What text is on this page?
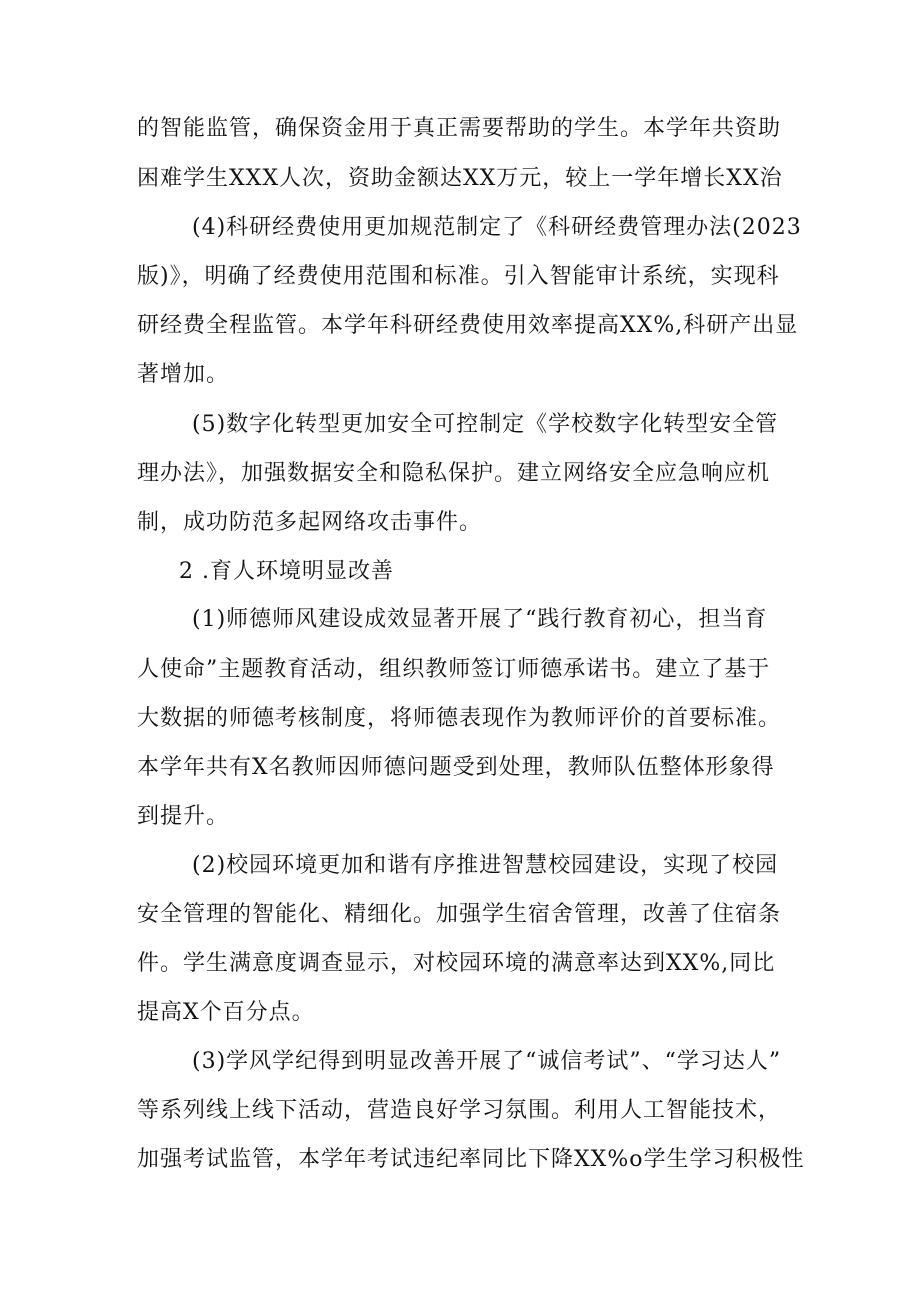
的智能监管，确保资金用于真正需要帮助的学生。本学年共资助
困难学生XXX人次，资助金额达XX万元，较上一学年增长XX治
(4)科研经费使用更加规范制定了《科研经费管理办法(2023
版)》，明确了经费使用范围和标准。引入智能审计系统，实现科
研经费全程监管。本学年科研经费使用效率提高XX%,科研产出显
著增加。
(5)数字化转型更加安全可控制定《学校数字化转型安全管
理办法》，加强数据安全和隐私保护。建立网络安全应急响应机
制，成功防范多起网络攻击事件。
2 .育人环境明显改善
(1)师德师风建设成效显著开展了“践行教育初心，担当育
人使命”主题教育活动，组织教师签订师德承诺书。建立了基于
大数据的师德考核制度，将师德表现作为教师评价的首要标准。
本学年共有X名教师因师德问题受到处理，教师队伍整体形象得
到提升。
(2)校园环境更加和谐有序推进智慧校园建设，实现了校园
安全管理的智能化、精细化。加强学生宿舍管理，改善了住宿条
件。学生满意度调查显示，对校园环境的满意率达到XX%,同比
提高X个百分点。
(3)学风学纪得到明显改善开展了“诚信考试”、“学习达人”
等系列线上线下活动，营造良好学习氛围。利用人工智能技术，
加强考试监管，本学年考试违纪率同比下降XX%o学生学习积极性
